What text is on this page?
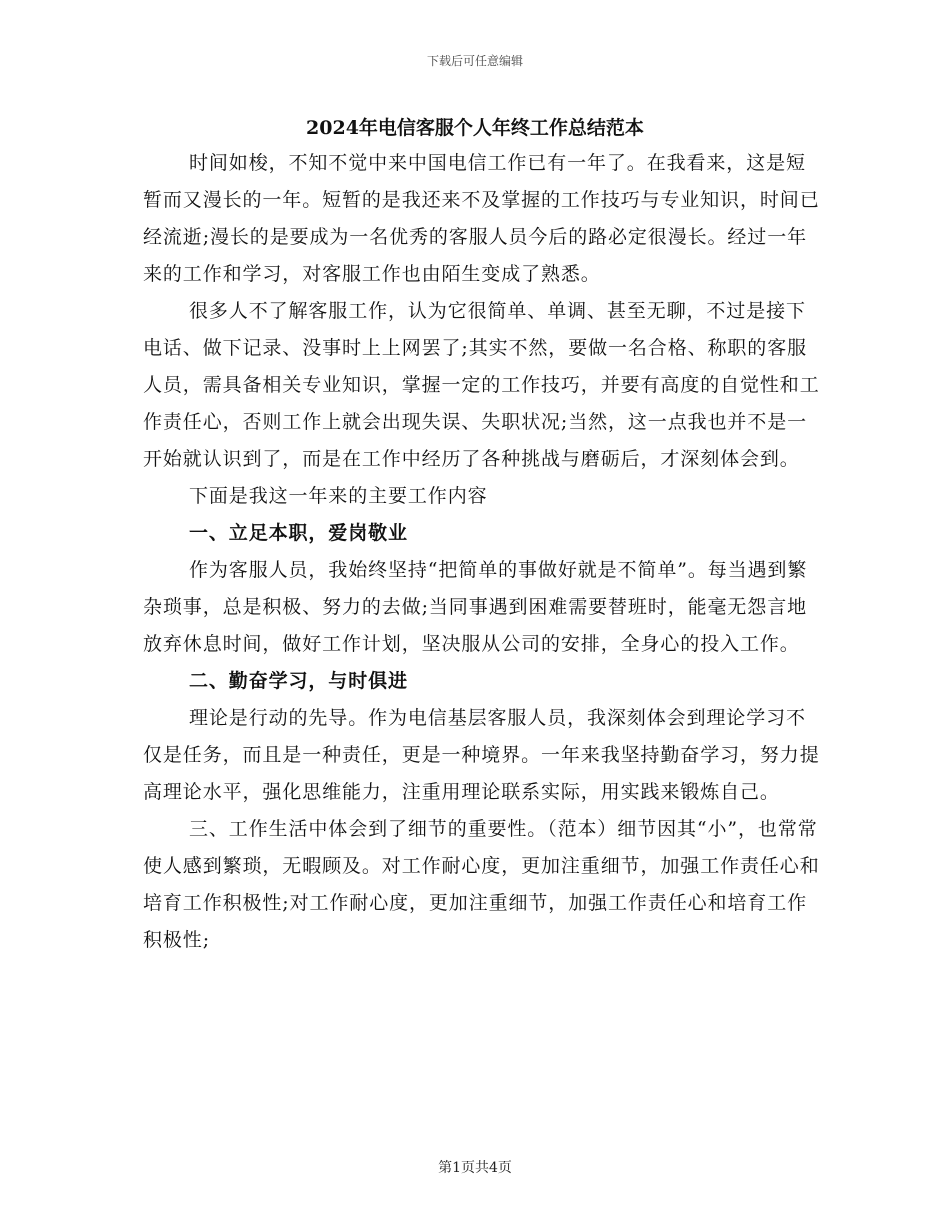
下载后可任意编辑
2024年电信客服个人年终工作总结范本

时间如梭，不知不觉中来中国电信工作已有一年了。在我看来，这是短暂而又漫长的一年。短暂的是我还来不及掌握的工作技巧与专业知识，时间已经流逝;漫长的是要成为一名优秀的客服人员今后的路必定很漫长。经过一年来的工作和学习，对客服工作也由陌生变成了熟悉。

很多人不了解客服工作，认为它很简单、单调、甚至无聊，不过是接下电话、做下记录、没事时上上网罢了;其实不然，要做一名合格、称职的客服人员，需具备相关专业知识，掌握一定的工作技巧，并要有高度的自觉性和工作责任心，否则工作上就会出现失误、失职状况;当然，这一点我也并不是一开始就认识到了，而是在工作中经历了各种挑战与磨砺后，才深刻体会到。

下面是我这一年来的主要工作内容

一、立足本职，爱岗敬业

作为客服人员，我始终坚持“把简单的事做好就是不简单”。每当遇到繁杂琐事，总是积极、努力的去做;当同事遇到困难需要替班时，能毫无怨言地放弃休息时间，做好工作计划，坚决服从公司的安排，全身心的投入工作。

二、勤奋学习，与时俱进

理论是行动的先导。作为电信基层客服人员，我深刻体会到理论学习不仅是任务，而且是一种责任，更是一种境界。一年来我坚持勤奋学习，努力提高理论水平，强化思维能力，注重用理论联系实际，用实践来锻炼自己。

三、工作生活中体会到了细节的重要性。（范本）细节因其“小”，也常常使人感到繁琐，无暇顾及。对工作耐心度，更加注重细节，加强工作责任心和培育工作积极性;对工作耐心度，更加注重细节，加强工作责任心和培育工作积极性;

第1页共4页
